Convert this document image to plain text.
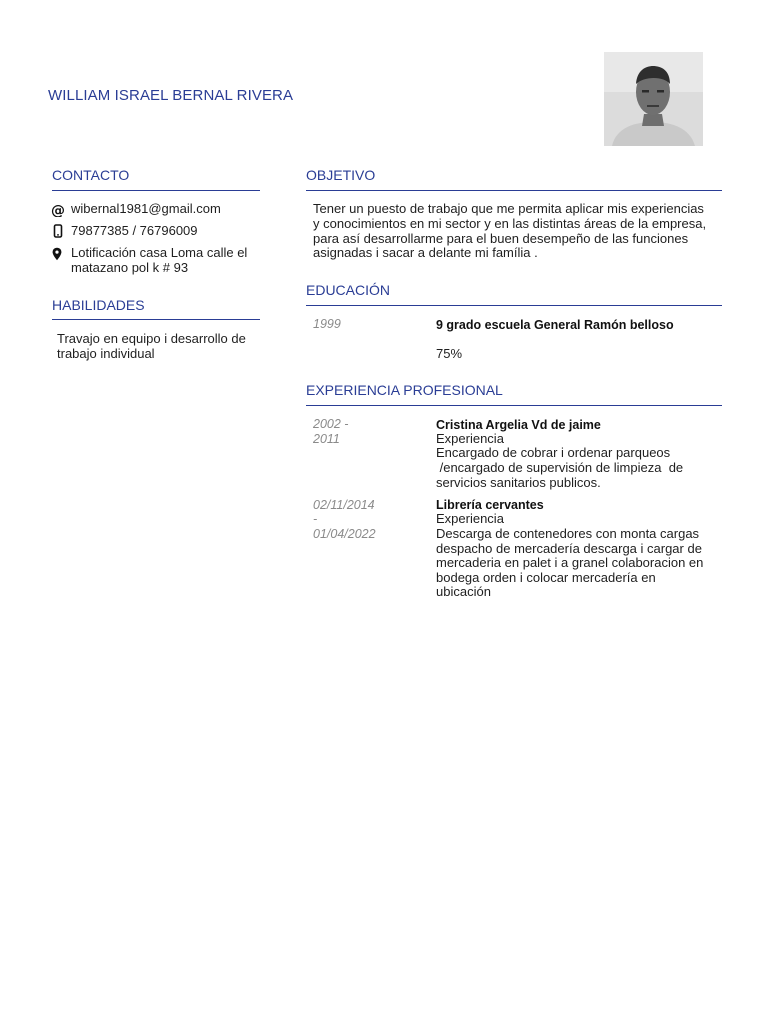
WILLIAM ISRAEL BERNAL RIVERA
CONTACTO
@ wibernal1981@gmail.com
79877385 / 76796009
Lotificación casa Loma calle el
matazano pol k # 93
HABILIDADES
Travajo en equipo i desarrollo de
trabajo individual
OBJETIVO
Tener un puesto de trabajo que me permita aplicar mis experiencias
y conocimientos en mi sector y en las distintas áreas de la empresa,
para así desarrollarme para el buen desempeño de las funciones
asignadas i sacar a delante mi família .
EDUCACIÓN
1999	9 grado escuela General Ramón belloso
75%
EXPERIENCIA PROFESIONAL
2002 -
2011
Cristina Argelia Vd de jaime
Experiencia
Encargado de cobrar i ordenar parqueos
/encargado de supervisión de limpieza  de
servicios sanitarios publicos.
02/11/2014
-
01/04/2022
Librería cervantes
Experiencia
Descarga de contenedores con monta cargas
despacho de mercadería descarga i cargar de
mercaderia en palet i a granel colaboracion en
bodega orden i colocar mercadería en
ubicación
